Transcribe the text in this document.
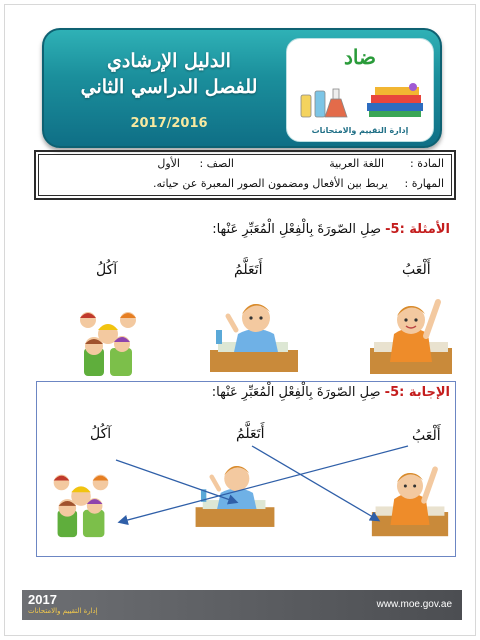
الدليل الإرشادي
للفصل الدراسي الثاني
2017/2016
ضاد
إدارة التقييم والامتحانات
المادة :
اللغة العربية
الصف :
الأول
المهارة :
يربط بين الأفعال ومضمون الصور المعبرة عن حياته.
الأمثلة :5- صِلِ الصّورَةَ بِالْفِعْلِ الْمُعَبِّرِ عَنْها:
أَلْعَبُ
أَتَعَلَّمُ
آكُلُ
الإجابة :5- صِلِ الصّورَةَ بِالْفِعْلِ الْمُعَبِّرِ عَنْها:
أَلْعَبُ
أَتَعَلَّمُ
آكُلُ
2017
إدارة التقييم والامتحانات
www.moe.gov.ae
